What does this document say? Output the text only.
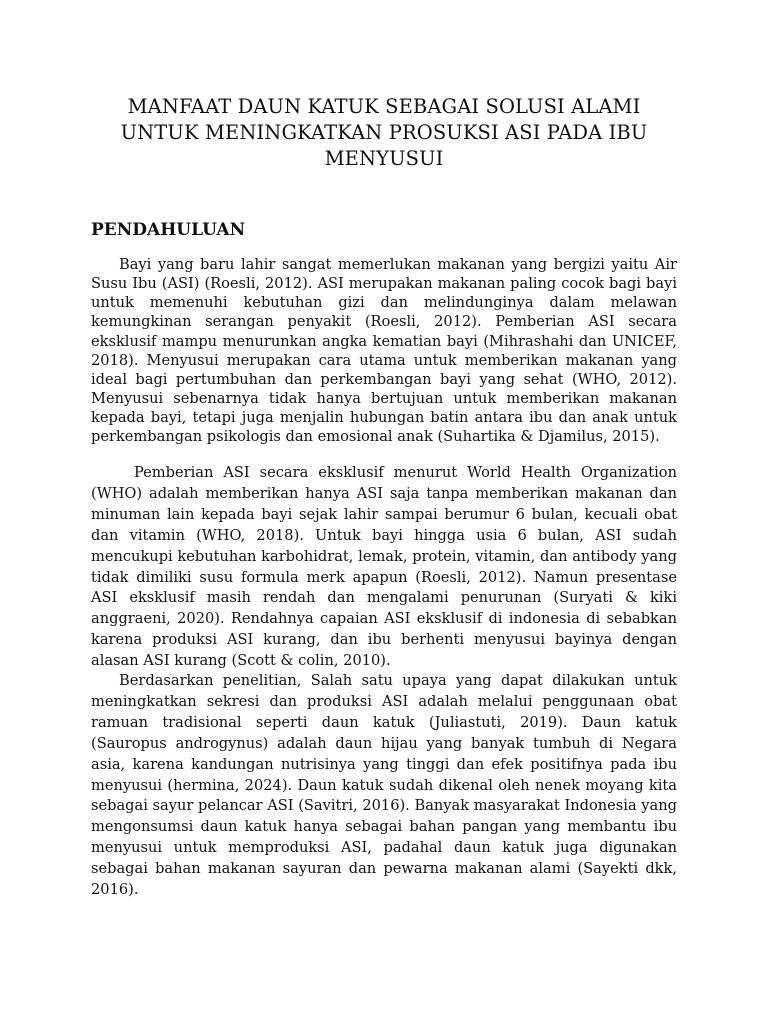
MANFAAT DAUN KATUK SEBAGAI SOLUSI ALAMI UNTUK MENINGKATKAN PROSUKSI ASI PADA IBU MENYUSUI
PENDAHULUAN

Bayi yang baru lahir sangat memerlukan makanan yang bergizi yaitu Air Susu Ibu (ASI) (Roesli, 2012). ASI merupakan makanan paling cocok bagi bayi untuk memenuhi kebutuhan gizi dan melindunginya dalam melawan kemungkinan serangan penyakit (Roesli, 2012). Pemberian ASI secara eksklusif mampu menurunkan angka kematian bayi (Mihrashahi dan UNICEF, 2018). Menyusui merupakan cara utama untuk memberikan makanan yang ideal bagi pertumbuhan dan perkembangan bayi yang sehat (WHO, 2012). Menyusui sebenarnya tidak hanya bertujuan untuk memberikan makanan kepada bayi, tetapi juga menjalin hubungan batin antara ibu dan anak untuk perkembangan psikologis dan emosional anak (Suhartika & Djamilus, 2015).

Pemberian ASI secara eksklusif menurut World Health Organization (WHO) adalah memberikan hanya ASI saja tanpa memberikan makanan dan minuman lain kepada bayi sejak lahir sampai berumur 6 bulan, kecuali obat dan vitamin (WHO, 2018). Untuk bayi hingga usia 6 bulan, ASI sudah mencukupi kebutuhan karbohidrat, lemak, protein, vitamin, dan antibody yang tidak dimiliki susu formula merk apapun (Roesli, 2012). Namun presentase ASI eksklusif masih rendah dan mengalami penurunan (Suryati & kiki anggraeni, 2020). Rendahnya capaian ASI eksklusif di indonesia di sebabkan karena produksi ASI kurang, dan ibu berhenti menyusui bayinya dengan alasan ASI kurang (Scott & colin, 2010).

Berdasarkan penelitian, Salah satu upaya yang dapat dilakukan untuk meningkatkan sekresi dan produksi ASI adalah melalui penggunaan obat ramuan tradisional seperti daun katuk (Juliastuti, 2019). Daun katuk (Sauropus androgynus) adalah daun hijau yang banyak tumbuh di Negara asia, karena kandungan nutrisinya yang tinggi dan efek positifnya pada ibu menyusui (hermina, 2024). Daun katuk sudah dikenal oleh nenek moyang kita sebagai sayur pelancar ASI (Savitri, 2016). Banyak masyarakat Indonesia yang mengonsumsi daun katuk hanya sebagai bahan pangan yang membantu ibu menyusui untuk memproduksi ASI, padahal daun katuk juga digunakan sebagai bahan makanan sayuran dan pewarna makanan alami (Sayekti dkk, 2016).
